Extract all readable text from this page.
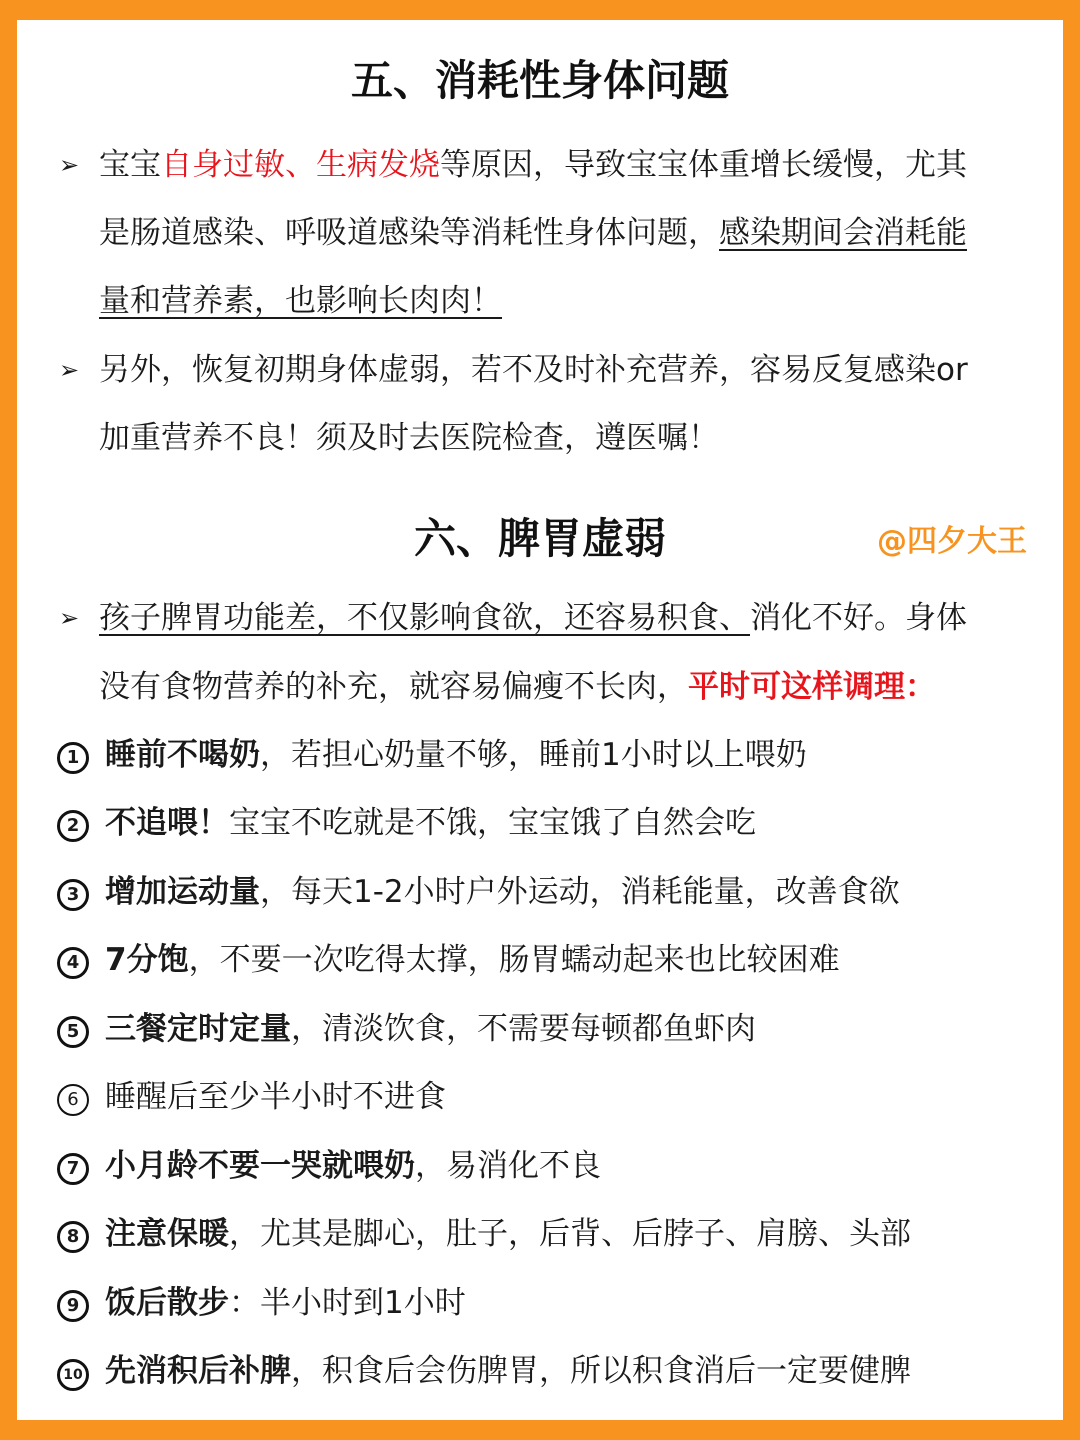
五、消耗性身体问题
➢ 宝宝自身过敏、生病发烧等原因，导致宝宝体重增长缓慢，尤其
是肠道感染、呼吸道感染等消耗性身体问题，感染期间会消耗能
量和营养素，也影响长肉肉！
➢ 另外，恢复初期身体虚弱，若不及时补充营养，容易反复感染or
加重营养不良！须及时去医院检查，遵医嘱！
六、脾胃虚弱	@四夕大王
➢ 孩子脾胃功能差，不仅影响食欲，还容易积食、消化不好。身体
没有食物营养的补充，就容易偏瘦不长肉，平时可这样调理：
1 睡前不喝奶，若担心奶量不够，睡前1小时以上喂奶
2 不追喂！宝宝不吃就是不饿，宝宝饿了自然会吃
3 增加运动量，每天1-2小时户外运动，消耗能量，改善食欲
4 7分饱，不要一次吃得太撑，肠胃蠕动起来也比较困难
5 三餐定时定量，清淡饮食，不需要每顿都鱼虾肉
6 睡醒后至少半小时不进食
7 小月龄不要一哭就喂奶，易消化不良
8 注意保暖，尤其是脚心，肚子，后背、后脖子、肩膀、头部
9 饭后散步：半小时到1小时
10 先消积后补脾，积食后会伤脾胃，所以积食消后一定要健脾
